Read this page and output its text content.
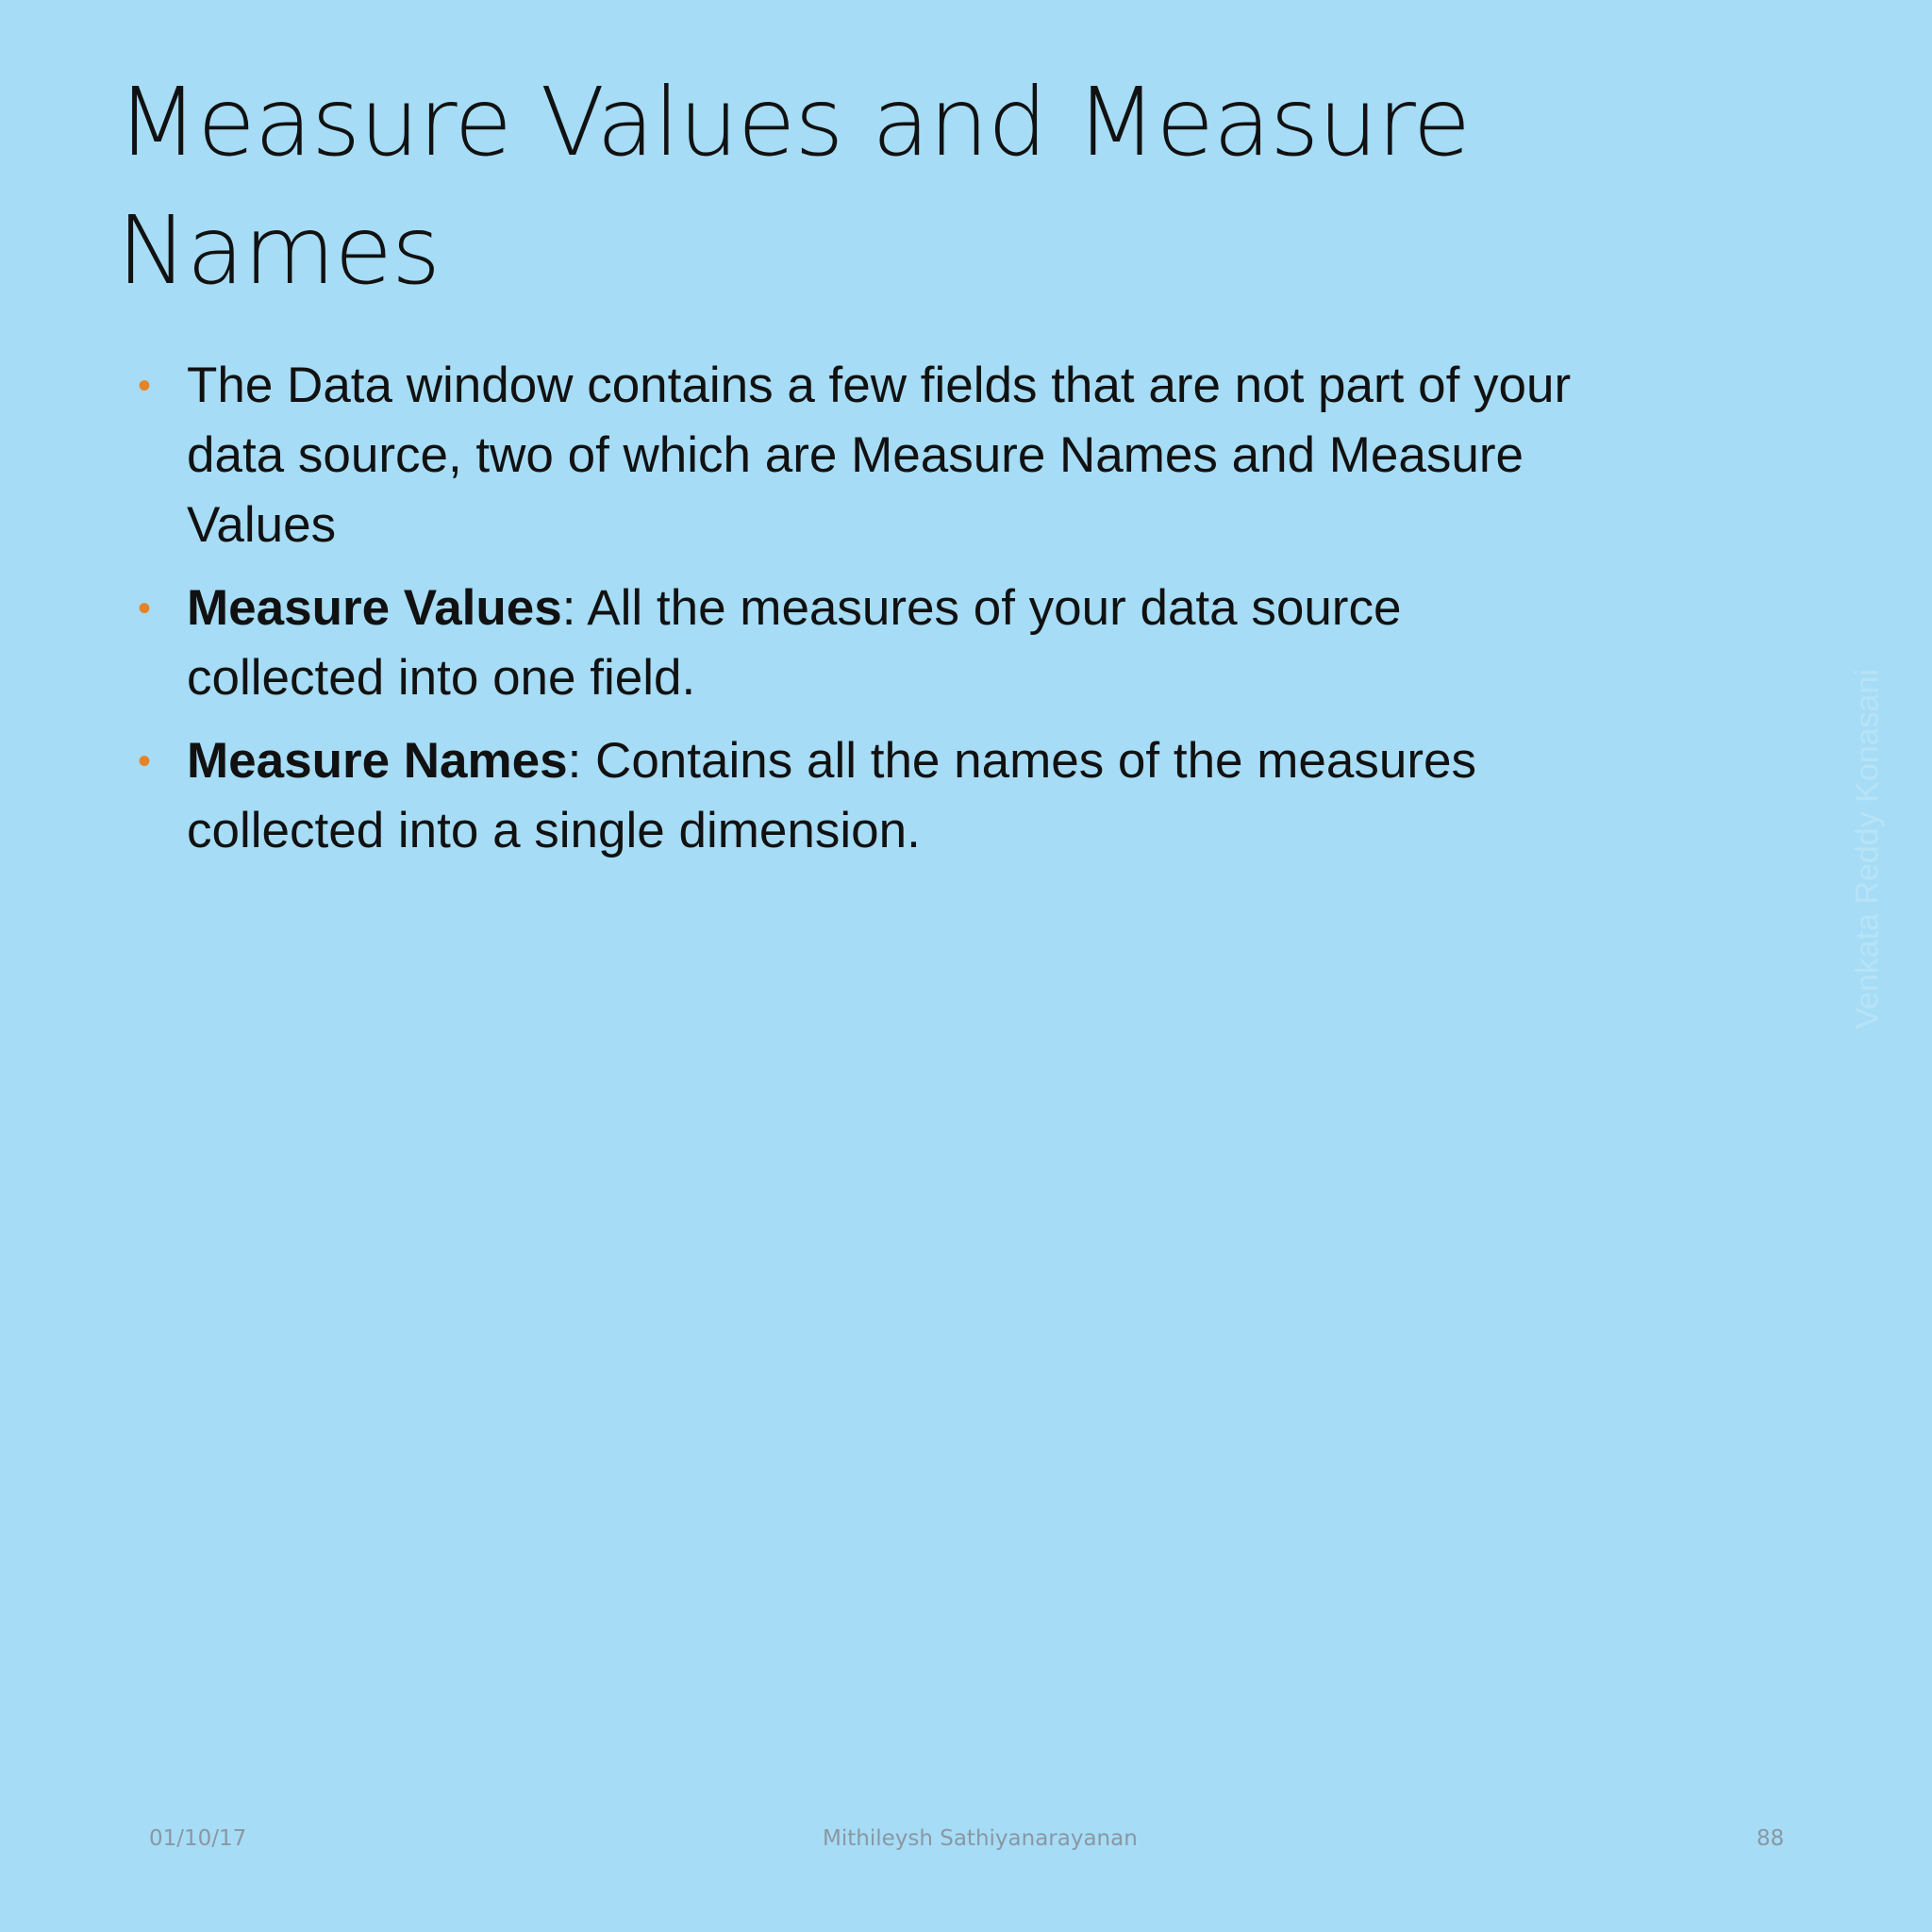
Measure Values and Measure Names
• The Data window contains a few fields that are not part of your data source, two of which are Measure Names and Measure Values
• Measure Values: All the measures of your data source collected into one field.
• Measure Names: Contains all the names of the measures collected into a single dimension.	Venkata Reddy Konasani
01/10/17	Mithileysh Sathiyanarayanan	88
